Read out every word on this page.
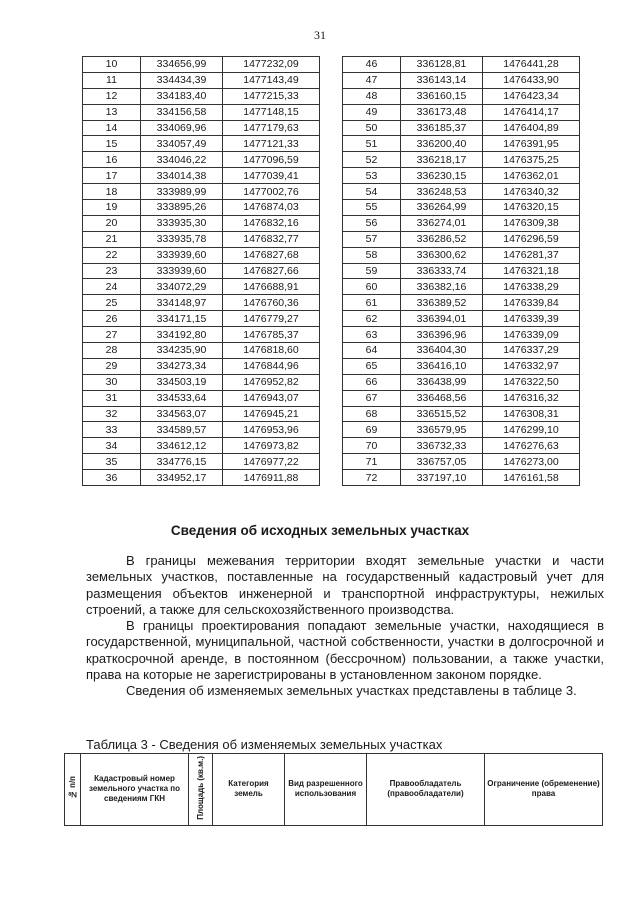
31
10	334656,99	1477232,09		46	336128,81	1476441,28
11	334434,39	1477143,49		47	336143,14	1476433,90
12	334183,40	1477215,33		48	336160,15	1476423,34
13	334156,58	1477148,15		49	336173,48	1476414,17
14	334069,96	1477179,63		50	336185,37	1476404,89
15	334057,49	1477121,33		51	336200,40	1476391,95
16	334046,22	1477096,59		52	336218,17	1476375,25
17	334014,38	1477039,41		53	336230,15	1476362,01
18	333989,99	1477002,76		54	336248,53	1476340,32
19	333895,26	1476874,03		55	336264,99	1476320,15
20	333935,30	1476832,16		56	336274,01	1476309,38
21	333935,78	1476832,77		57	336286,52	1476296,59
22	333939,60	1476827,68		58	336300,62	1476281,37
23	333939,60	1476827,66		59	336333,74	1476321,18
24	334072,29	1476688,91		60	336382,16	1476338,29
25	334148,97	1476760,36		61	336389,52	1476339,84
26	334171,15	1476779,27		62	336394,01	1476339,39
27	334192,80	1476785,37		63	336396,96	1476339,09
28	334235,90	1476818,60		64	336404,30	1476337,29
29	334273,34	1476844,96		65	336416,10	1476332,97
30	334503,19	1476952,82		66	336438,99	1476322,50
31	334533,64	1476943,07		67	336468,56	1476316,32
32	334563,07	1476945,21		68	336515,52	1476308,31
33	334589,57	1476953,96		69	336579,95	1476299,10
34	334612,12	1476973,82		70	336732,33	1476276,63
35	334776,15	1476977,22		71	336757,05	1476273,00
36	334952,17	1476911,88		72	337197,10	1476161,58
Сведения об исходных земельных участках

В границы межевания территории входят земельные участки и части земельных участков, поставленные на государственный кадастровый учет для размещения объектов инженерной и транспортной инфраструктуры, нежилых строений, а также для сельскохозяйственного производства.

В границы проектирования попадают земельные участки, находящиеся в государственной, муниципальной, частной собственности, участки в долгосрочной и краткосрочной аренде, в постоянном (бессрочном) пользовании, а также участки, права на которые не зарегистрированы в установленном законом порядке.

Сведения об изменяемых земельных участках представлены в таблице 3.

Таблица 3 - Сведения об изменяемых земельных участках
№ п/п	Кадастровый номер земельного участка по сведениям ГКН	Площадь (кв.м.)	Категория земель	Вид разрешенного использования	Правообладатель (правообладатели)	Ограничение (обременение) права
